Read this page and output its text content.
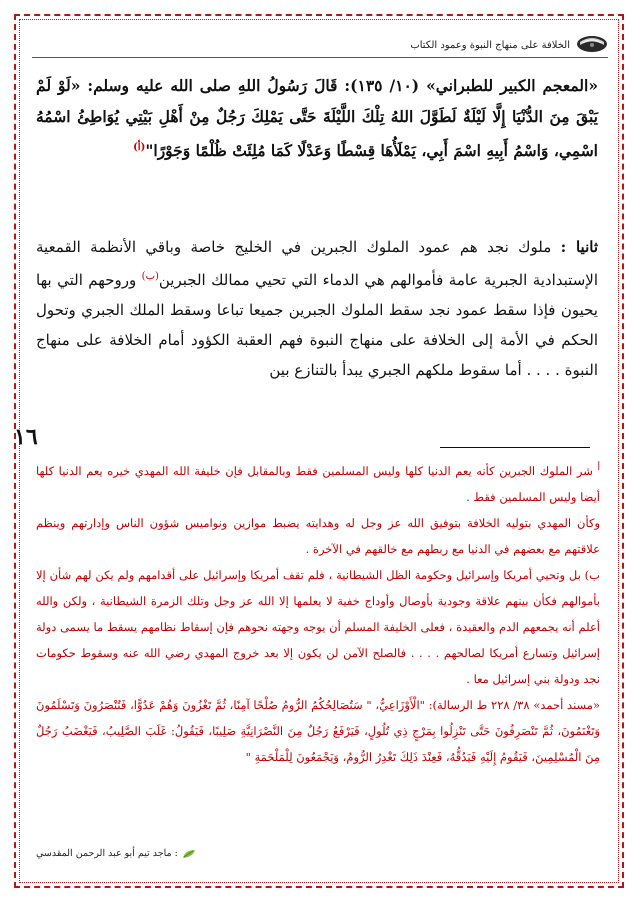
الخلافة على منهاج النبوة وعمود الكتاب
«المعجم الكبير للطبراني» (١٠/ ١٣٥): قَالَ رَسُولُ اللهِ صلى الله عليه وسلم: «لَوْ لَمْ يَبْقَ مِنَ الدُّنْيَا إِلَّا لَيْلَةٌ لَطَوَّلَ اللهُ تِلْكَ اللَّيْلَةَ حَتَّى يَمْلِكَ رَجُلٌ مِنْ أَهْلِ بَيْتِي يُوَاطِئُ اسْمُهُ اسْمِي، وَاسْمُ أَبِيهِ اسْمَ أَبِي، يَمْلَأُهَا قِسْطًا وَعَدْلًا كَمَا مُلِئَتْ ظُلْمًا وَجَوْرًا"$^{(أ)}$
ثانيا : ملوك نجد هم عمود الملوك الجبرين في الخليج خاصة وباقي الأنظمة القمعية الإستبدادية الجبرية عامة فأموالهم هي الدماء التي تحيي ممالك الجبرين$^{(ب)}$ وروحهم التي بها يحيون فإذا سقط عمود نجد سقط الملوك الجبرين جميعا تباعا وسقط الملك الجبري وتحول الحكم في الأمة إلى الخلافة على منهاج النبوة فهم العقبة الكؤود أمام الخلافة على منهاج النبوة . . . . أما سقوط ملكهم الجبري يبدأ بالتنازع بين
١٦

$^أ$ شر الملوك الجبرين كأنه يعم الدنيا كلها وليس المسلمين فقط وبالمقابل فإن خليفة الله المهدي خيره يعم الدنيا كلها أيضا وليس المسلمين فقط .

وكأن المهدي بتوليه الخلافة بتوفيق الله عز وجل له وهدايته يضبط موازين ونواميس شؤون الناس وإدارتهم وينظم علاقتهم مع بعضهم في الدنيا مع ربطهم مع خالقهم في الآخرة .

ب) بل وتحيي أمريكا وإسرائيل وحكومة الظل الشيطانية ، فلم تقف أمريكا وإسرائيل على أقدامهم ولم يكن لهم شأن إلا بأموالهم فكأن بينهم علاقة وجودية بأوصال وأوداج خفية لا يعلمها إلا الله عز وجل وتلك الزمرة الشيطانية ، ولكن والله أعلم أنه يجمعهم الدم والعقيدة ، فعلى الخليفة المسلم أن يوجه وجهته نحوهم فإن إسقاط نظامهم يسقط ما يسمى دولة إسرائيل وتسارع أمريكا لصالحهم . . . . فالصلح الآمن لن يكون إلا بعد خروج المهدي رضي الله عنه وسقوط حكومات نجد ودولة بني إسرائيل معا .

«مسند أحمد» ٣٨/ ٢٢٨ ط الرسالة): "الْأَوْزَاعِيُّ، " سَتُصَالِحُكُمُ الرُّومُ صُلْحًا آمِنًا، ثُمَّ تَغْزُونَ وَهُمْ عَدُوًّا، فَتُنْصَرُونَ وَتَسْلَمُونَ وَتَغْنَمُونَ، ثُمَّ تَنْصَرِفُونَ حَتَّى تَنْزِلُوا بِمَرْجٍ ذِي تُلُولٍ، فَيَرْفَعُ رَجُلٌ مِنَ النَّصْرَانِيَّةِ صَلِيبًا، فَيَقُولُ: غَلَبَ الصَّلِيبُ، فَيَغْضَبُ رَجُلٌ مِنَ الْمُسْلِمِينَ، فَيَقُومُ إِلَيْهِ فَيَدُقُّهُ، فَعِنْدَ ذَلِكَ تَغْدِرُ الرُّومُ، وَيَجْمَعُونَ لِلْمَلْحَمَةِ "

: ماجد تيم أبو عبد الرحمن المقدسي
